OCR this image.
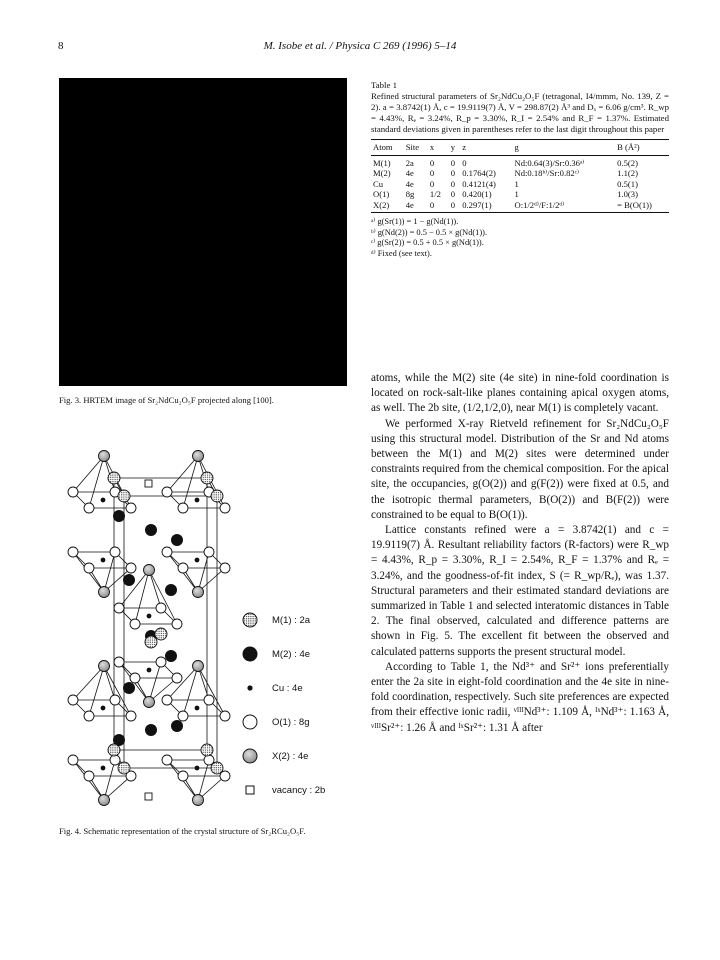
8	M. Isobe et al. / Physica C 269 (1996) 5–14
Fig. 3. HRTEM image of Sr₂NdCu₂O₅F projected along [100].
M(1) : 2a
M(2) : 4e
Cu : 4e
O(1) : 8g
X(2) : 4e
vacancy : 2b
Fig. 4. Schematic representation of the crystal structure of Sr₂RCu₂O₅F.

Table 1

Refined structural parameters of Sr₂NdCu₂O₅F (tetragonal, I4/mmm, No. 139, Z = 2). a = 3.8742(1) Å, c = 19.9119(7) Å, V = 298.87(2) Å³ and Dₓ = 6.06 g/cm³. R_wp = 4.43%, Rₑ = 3.24%, R_p = 3.30%, R_I = 2.54% and R_F = 1.37%. Estimated standard deviations given in parentheses refer to the last digit throughout this paper

Atom	Site	x	y	z	g	B (Å²)
M(1)	2a	0	0	0	Nd:0.64(3)/Sr:0.36ᵃ⁾	0.5(2)
M(2)	4e	0	0	0.1764(2)	Nd:0.18ᵇ⁾/Sr:0.82ᶜ⁾	1.1(2)
Cu	4e	0	0	0.4121(4)	1	0.5(1)
O(1)	8g	1/2	0	0.420(1)	1	1.0(3)
X(2)	4e	0	0	0.297(1)	O:1/2ᵈ⁾/F:1/2ᵈ⁾	= B(O(1))

ᵃ⁾ g(Sr(1)) = 1 − g(Nd(1)).

ᵇ⁾ g(Nd(2)) = 0.5 − 0.5 × g(Nd(1)).

ᶜ⁾ g(Sr(2)) = 0.5 + 0.5 × g(Nd(1)).

ᵈ⁾ Fixed (see text).

atoms, while the M(2) site (4e site) in nine-fold coordination is located on rock-salt-like planes containing apical oxygen atoms, as well. The 2b site, (1/2,1/2,0), near M(1) is completely vacant.

We performed X-ray Rietveld refinement for Sr₂NdCu₂O₅F using this structural model. Distribution of the Sr and Nd atoms between the M(1) and M(2) sites were determined under constraints required from the chemical composition. For the apical site, the occupancies, g(O(2)) and g(F(2)) were fixed at 0.5, and the isotropic thermal parameters, B(O(2)) and B(F(2)) were constrained to be equal to B(O(1)).

Lattice constants refined were a = 3.8742(1) and c = 19.9119(7) Å. Resultant reliability factors (R-factors) were R_wp = 4.43%, R_p = 3.30%, R_I = 2.54%, R_F = 1.37% and Rₑ = 3.24%, and the goodness-of-fit index, S (= R_wp/Rₑ), was 1.37. Structural parameters and their estimated standard deviations are summarized in Table 1 and selected interatomic distances in Table 2. The final observed, calculated and difference patterns are shown in Fig. 5. The excellent fit between the observed and calculated patterns supports the present structural model.

According to Table 1, the Nd³⁺ and Sr²⁺ ions preferentially enter the 2a site in eight-fold coordination and the 4e site in nine-fold coordination, respectively. Such site preferences are expected from their effective ionic radii, ᵛᴵᴵᴵNd³⁺: 1.109 Å, ᴵˣNd³⁺: 1.163 Å, ᵛᴵᴵᴵSr²⁺: 1.26 Å and ᴵˣSr²⁺: 1.31 Å after
